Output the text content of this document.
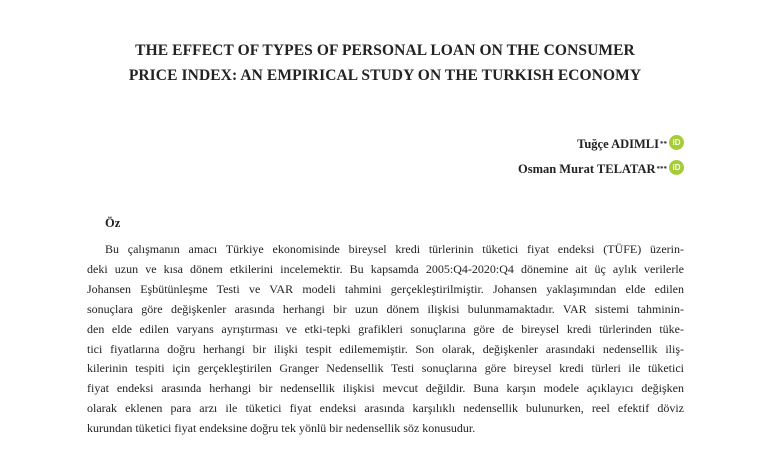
THE EFFECT OF TYPES OF PERSONAL LOAN ON THE CONSUMER
PRICE INDEX: AN EMPIRICAL STUDY ON THE TURKISH ECONOMY
Tuğçe ADIMLI ** iD
Osman Murat TELATAR *** iD
Öz
Bu çalışmanın amacı Türkiye ekonomisinde bireysel kredi türlerinin tüketici fiyat endeksi (TÜFE) üzerin-
deki uzun ve kısa dönem etkilerini incelemektir. Bu kapsamda 2005:Q4-2020:Q4 dönemine ait üç aylık verilerle
Johansen Eşbütünleşme Testi ve VAR modeli tahmini gerçekleştirilmiştir. Johansen yaklaşımından elde edilen
sonuçlara göre değişkenler arasında herhangi bir uzun dönem ilişkisi bulunmamaktadır. VAR sistemi tahminin-
den elde edilen varyans ayrıştırması ve etki-tepki grafikleri sonuçlarına göre de bireysel kredi türlerinden tüke-
tici fiyatlarına doğru herhangi bir ilişki tespit edilememiştir. Son olarak, değişkenler arasındaki nedensellik iliş-
kilerinin tespiti için gerçekleştirilen Granger Nedensellik Testi sonuçlarına göre bireysel kredi türleri ile tüketici
fiyat endeksi arasında herhangi bir nedensellik ilişkisi mevcut değildir. Buna karşın modele açıklayıcı değişken
olarak eklenen para arzı ile tüketici fiyat endeksi arasında karşılıklı nedensellik bulunurken, reel efektif döviz
kurundan tüketici fiyat endeksine doğru tek yönlü bir nedensellik söz konusudur.
